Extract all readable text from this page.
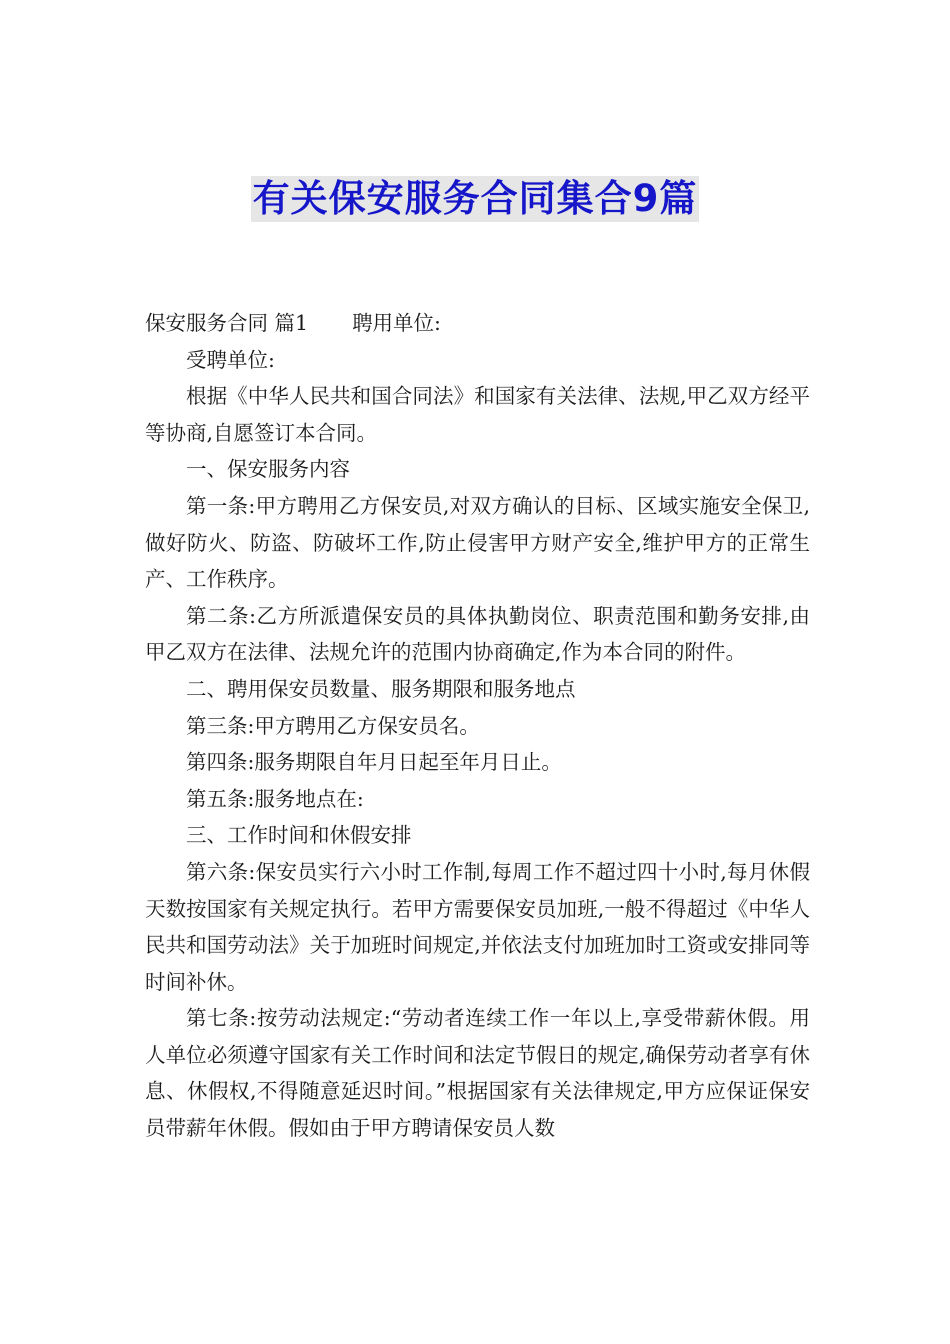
有关保安服务合同集合9篇

保安服务合同 篇1 聘用单位:

受聘单位:

根据《中华人民共和国合同法》和国家有关法律、法规,甲乙双方经平等协商,自愿签订本合同。

一、保安服务内容

第一条:甲方聘用乙方保安员,对双方确认的目标、区域实施安全保卫,做好防火、防盗、防破坏工作,防止侵害甲方财产安全,维护甲方的正常生产、工作秩序。

第二条:乙方所派遣保安员的具体执勤岗位、职责范围和勤务安排,由甲乙双方在法律、法规允许的范围内协商确定,作为本合同的附件。

二、聘用保安员数量、服务期限和服务地点

第三条:甲方聘用乙方保安员名。

第四条:服务期限自年月日起至年月日止。

第五条:服务地点在:

三、工作时间和休假安排

第六条:保安员实行六小时工作制,每周工作不超过四十小时,每月休假天数按国家有关规定执行。若甲方需要保安员加班,一般不得超过《中华人民共和国劳动法》关于加班时间规定,并依法支付加班加时工资或安排同等时间补休。

第七条:按劳动法规定:“劳动者连续工作一年以上,享受带薪休假。用人单位必须遵守国家有关工作时间和法定节假日的规定,确保劳动者享有休息、休假权,不得随意延迟时间。”根据国家有关法律规定,甲方应保证保安员带薪年休假。假如由于甲方聘请保安员人数
